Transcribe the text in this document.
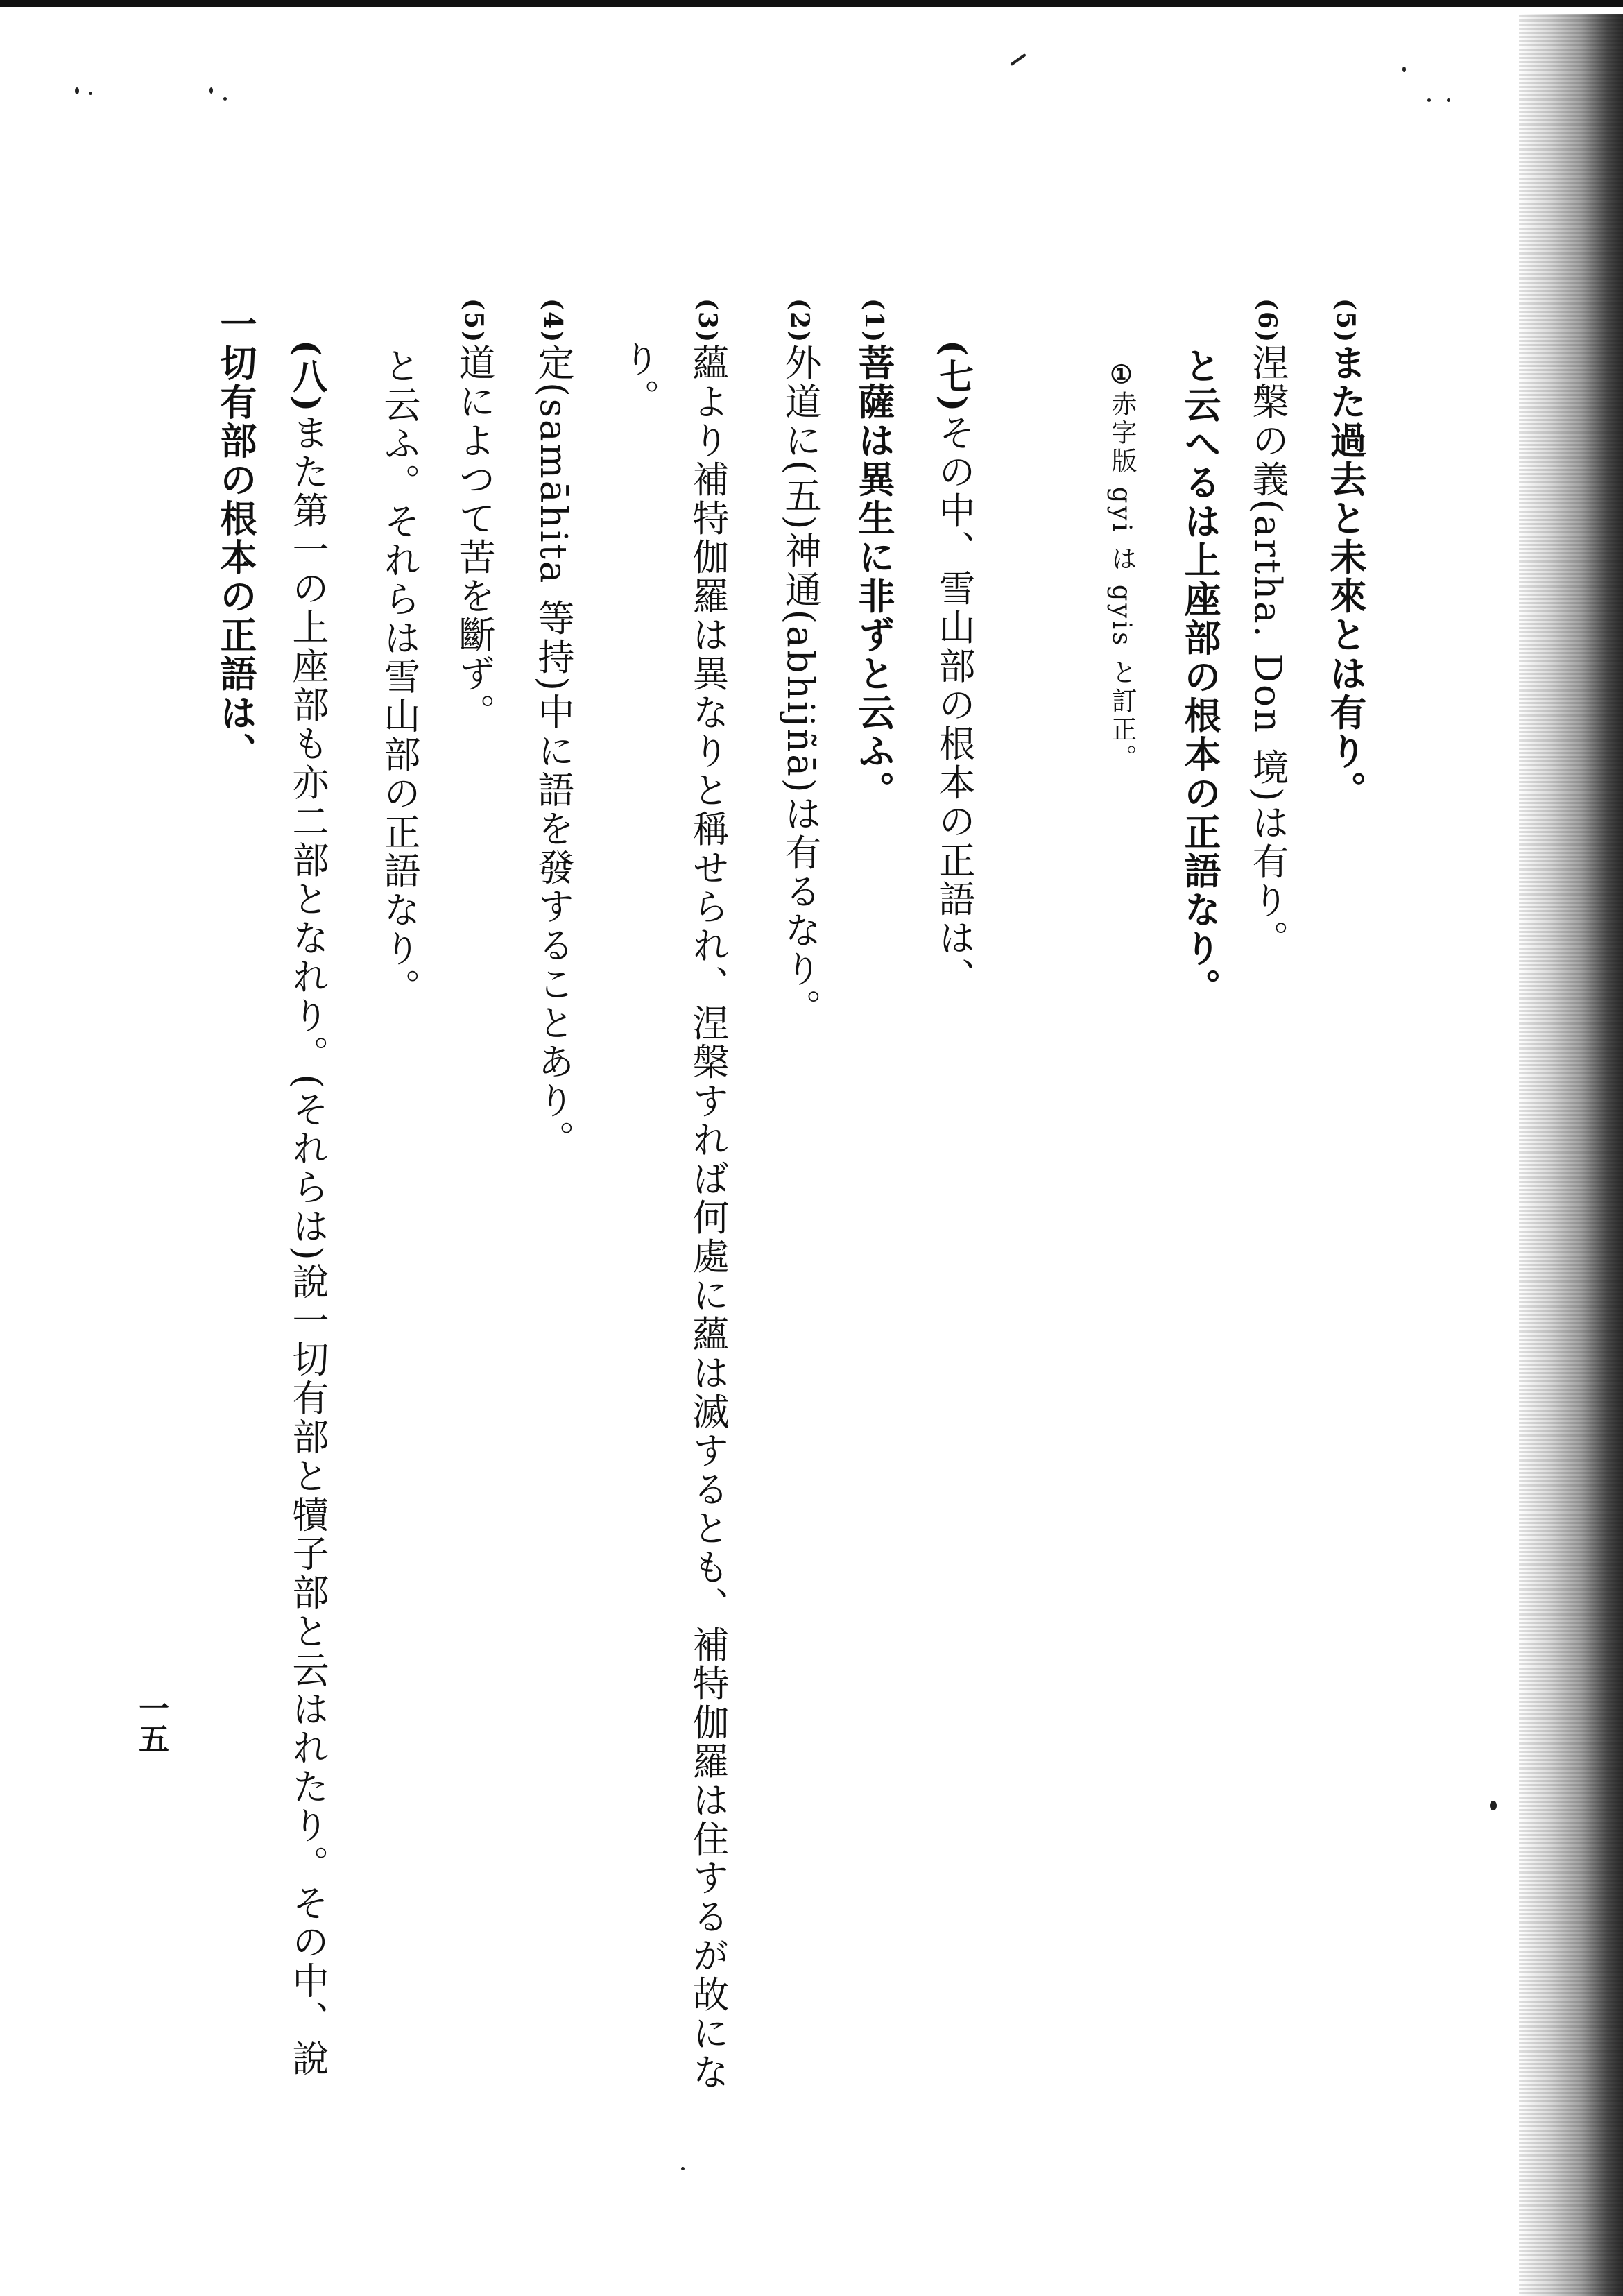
(5)また過去と未來とは有り。
(6)涅槃の義(artha. Don 境)は有り。
と云へるは上座部の根本の正語なり。
①赤字版 gyi は gyis と訂正。
(七)その中、雪山部の根本の正語は、
(1)菩薩は異生に非ずと云ふ。
(2)外道に(五)神通(abhijñā)は有るなり。
(3)蘊より補特伽羅は異なりと稱せられ、涅槃すれば何處に蘊は滅するとも、補特伽羅は住するが故にな
り。
(4)定(samāhita 等持)中に語を發することあり。
(5)道によつて苦を斷ず。
と云ふ。それらは雪山部の正語なり。
(八)また第一の上座部も亦二部となれり。(それらは)說一切有部と犢子部と云はれたり。その中、說
一切有部の根本の正語は、
一五
